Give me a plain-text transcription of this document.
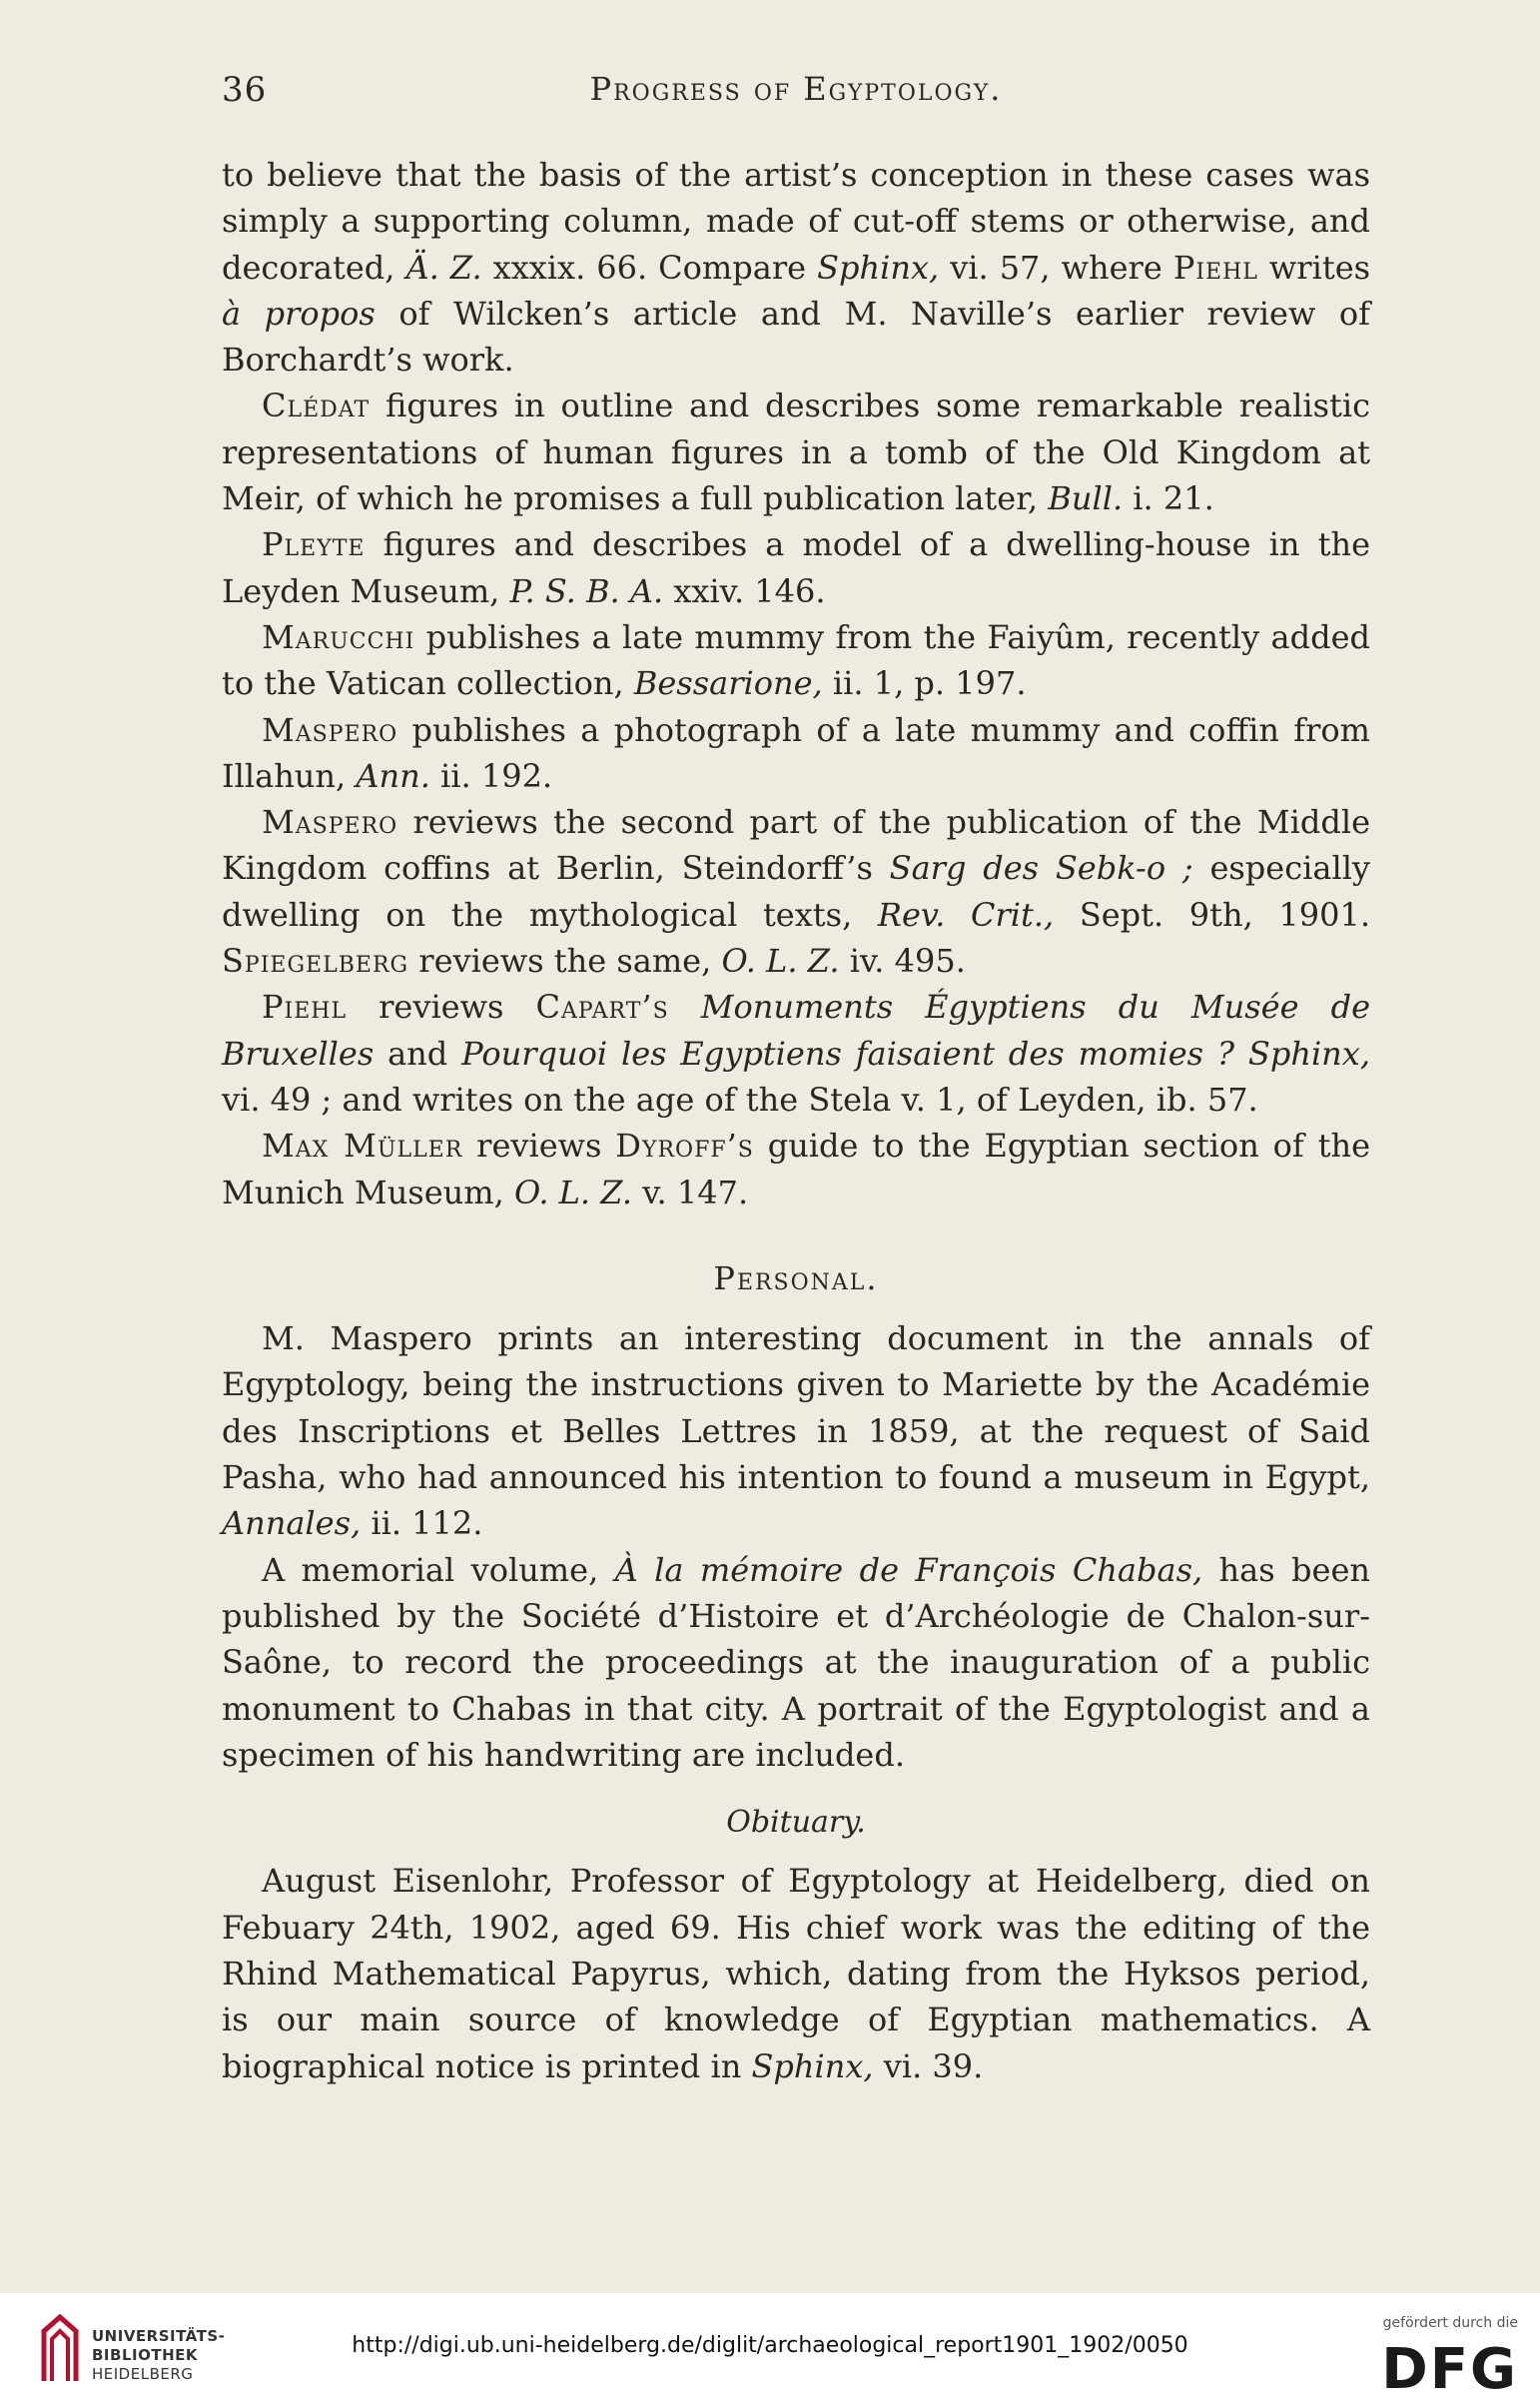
36	Progress of Egyptology.

to believe that the basis of the artist’s conception in these cases was simply a supporting column, made of cut-off stems or otherwise, and decorated, Ä. Z. xxxix. 66. Compare Sphinx, vi. 57, where Piehl writes à propos of Wilcken’s article and M. Naville’s earlier review of Borchardt’s work.

Clédat figures in outline and describes some remarkable realistic representations of human figures in a tomb of the Old Kingdom at Meir, of which he promises a full publication later, Bull. i. 21.

Pleyte figures and describes a model of a dwelling-house in the Leyden Museum, P. S. B. A. xxiv. 146.

Marucchi publishes a late mummy from the Faiyûm, recently added to the Vatican collection, Bessarione, ii. 1, p. 197.

Maspero publishes a photograph of a late mummy and coffin from Illahun, Ann. ii. 192.

Maspero reviews the second part of the publication of the Middle Kingdom coffins at Berlin, Steindorff’s Sarg des Sebk-o ; especially dwelling on the mythological texts, Rev. Crit., Sept. 9th, 1901. Spiegelberg reviews the same, O. L. Z. iv. 495.

Piehl reviews Capart’s Monuments Égyptiens du Musée de Bruxelles and Pourquoi les Egyptiens faisaient des momies ? Sphinx, vi. 49 ; and writes on the age of the Stela v. 1, of Leyden, ib. 57.

Max Müller reviews Dyroff’s guide to the Egyptian section of the Munich Museum, O. L. Z. v. 147.

Personal.

M. Maspero prints an interesting document in the annals of Egyptology, being the instructions given to Mariette by the Académie des Inscriptions et Belles Lettres in 1859, at the request of Said Pasha, who had announced his intention to found a museum in Egypt, Annales, ii. 112.

A memorial volume, À la mémoire de François Chabas, has been published by the Société d’Histoire et d’Archéologie de Chalon-sur-Saône, to record the proceedings at the inauguration of a public monument to Chabas in that city. A portrait of the Egyptologist and a specimen of his handwriting are included.

Obituary.

August Eisenlohr, Professor of Egyptology at Heidelberg, died on Febuary 24th, 1902, aged 69. His chief work was the editing of the Rhind Mathematical Papyrus, which, dating from the Hyksos period, is our main source of knowledge of Egyptian mathematics. A biographical notice is printed in Sphinx, vi. 39.

UNIVERSITÄTS-
BIBLIOTHEK
HEIDELBERG
http://digi.ub.uni-heidelberg.de/diglit/archaeological_report1901_1902/0050
gefördert durch die
DFG
